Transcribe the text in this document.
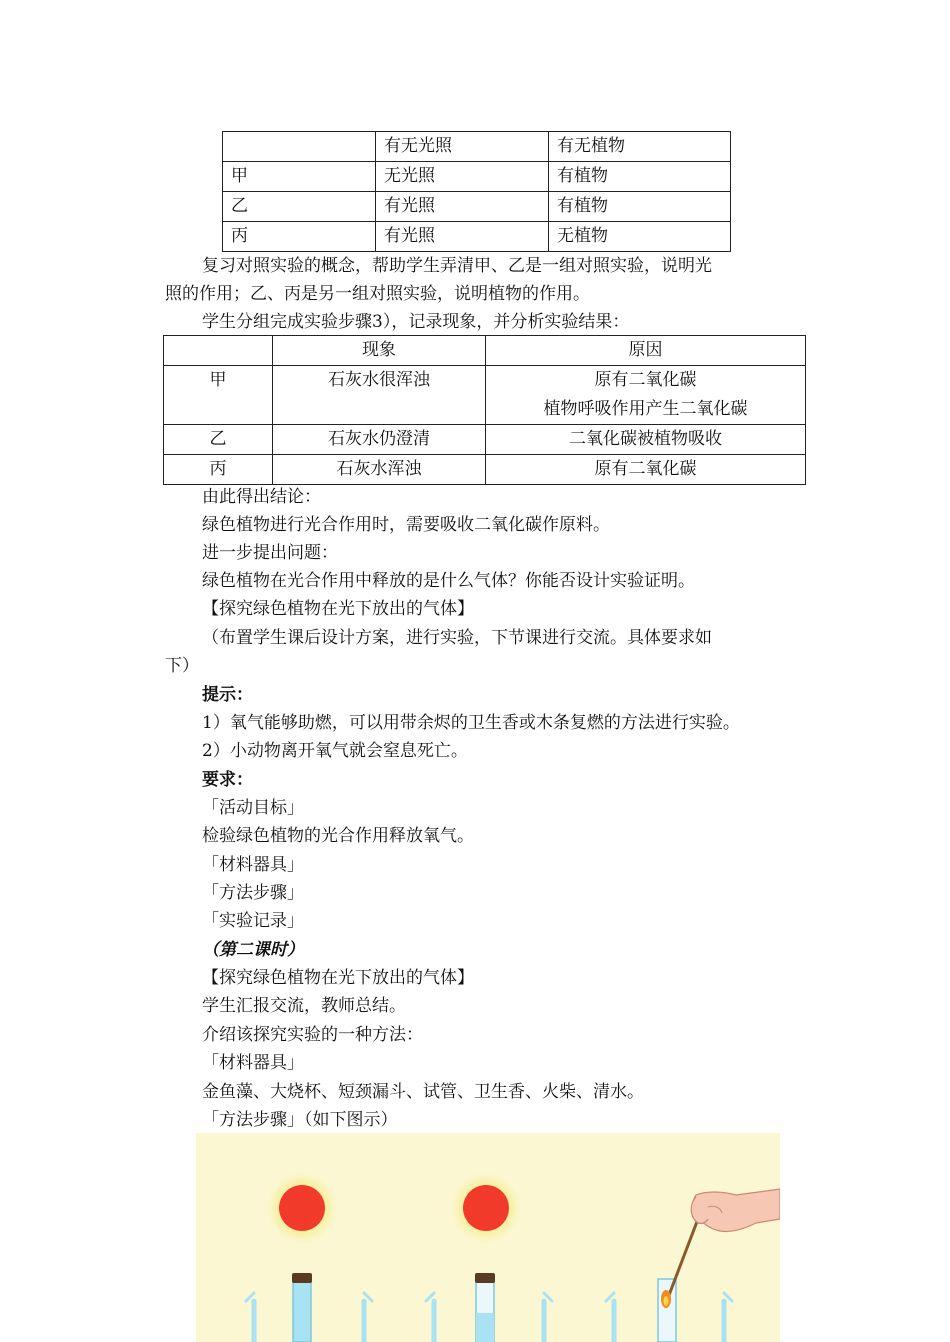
	有无光照	有无植物
甲	无光照	有植物
乙	有光照	有植物
丙	有光照	无植物
复习对照实验的概念，帮助学生弄清甲、乙是一组对照实验，说明光
照的作用；乙、丙是另一组对照实验，说明植物的作用。
学生分组完成实验步骤3），记录现象，并分析实验结果：
	现象	原因
甲	石灰水很浑浊	原有二氧化碳
植物呼吸作用产生二氧化碳

乙	石灰水仍澄清	二氧化碳被植物吸收
丙	石灰水浑浊	原有二氧化碳
由此得出结论：
绿色植物进行光合作用时，需要吸收二氧化碳作原料。
进一步提出问题：
绿色植物在光合作用中释放的是什么气体？你能否设计实验证明。
【探究绿色植物在光下放出的气体】
（布置学生课后设计方案，进行实验，下节课进行交流。具体要求如
下）
提示：
1）氧气能够助燃，可以用带余烬的卫生香或木条复燃的方法进行实验。
2）小动物离开氧气就会窒息死亡。
要求：
「活动目标」
检验绿色植物的光合作用释放氧气。
「材料器具」
「方法步骤」
「实验记录」
（第二课时）
【探究绿色植物在光下放出的气体】
学生汇报交流，教师总结。
介绍该探究实验的一种方法：
「材料器具」
金鱼藻、大烧杯、短颈漏斗、试管、卫生香、火柴、清水。
「方法步骤」（如下图示）
